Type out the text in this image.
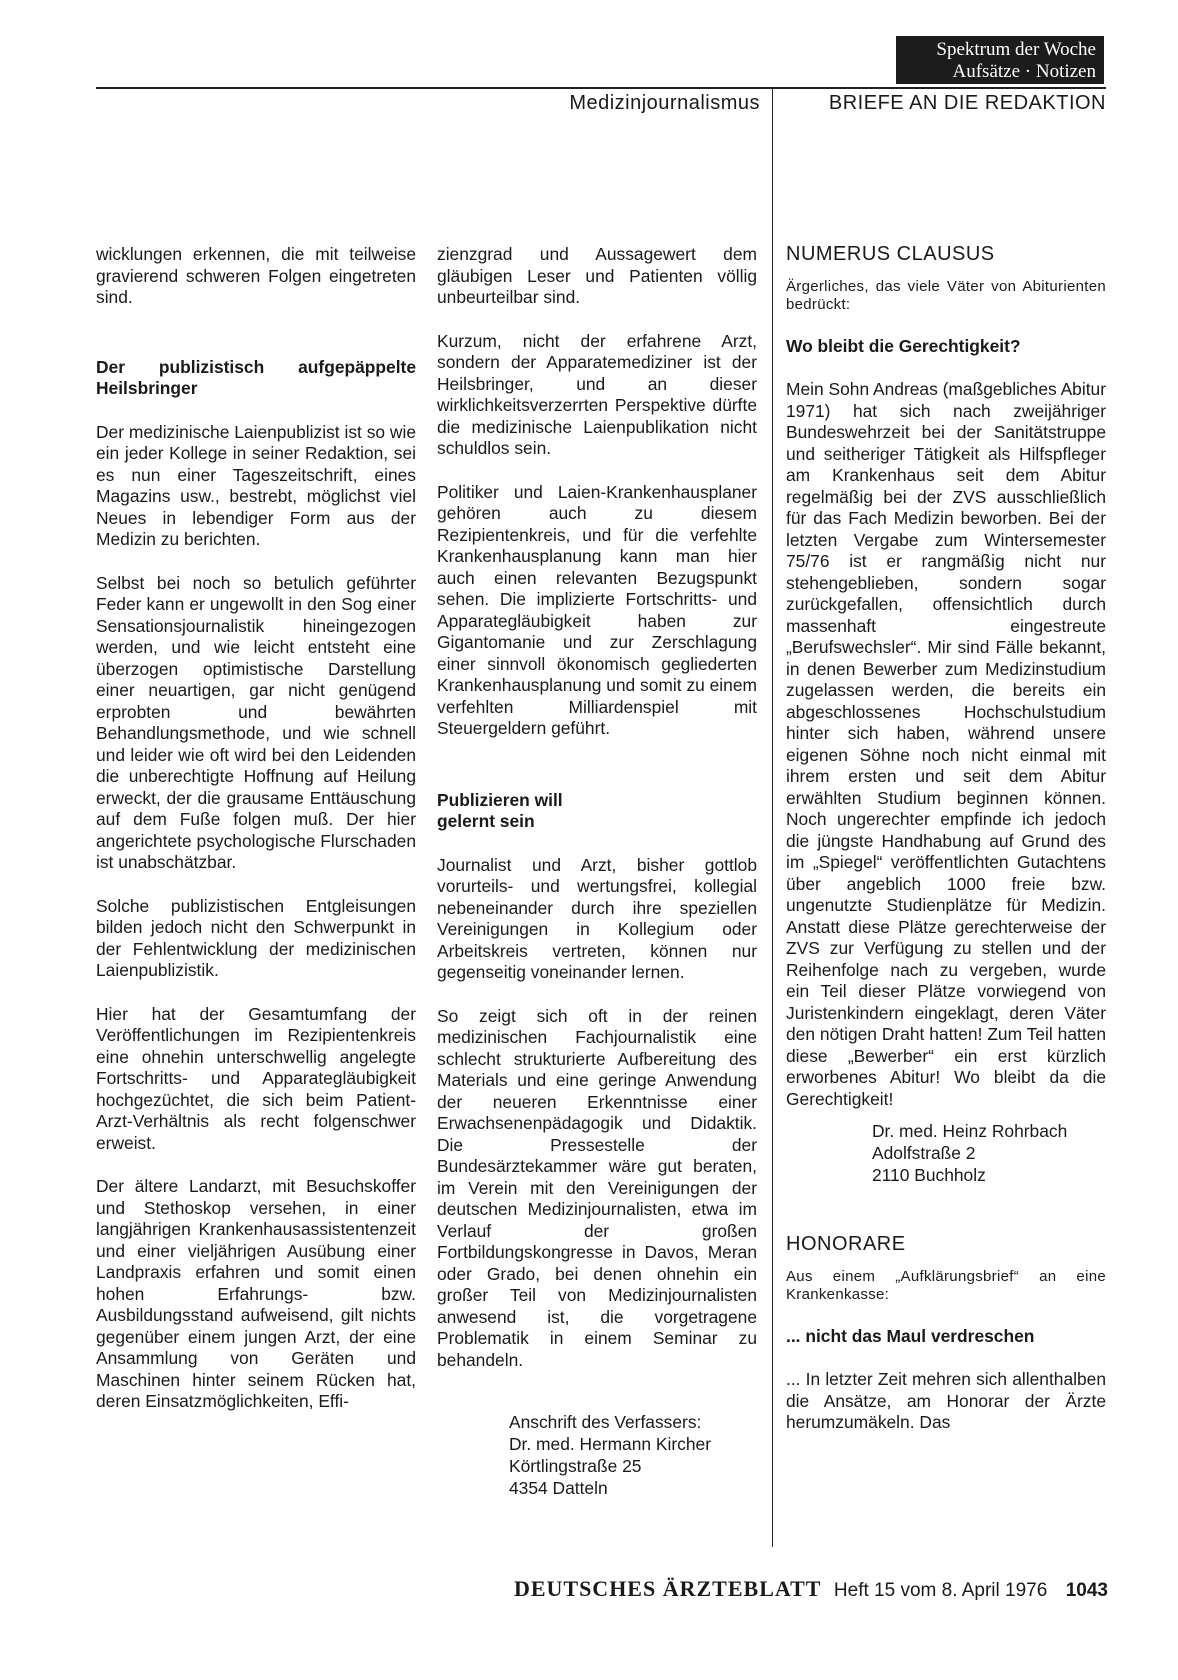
Spektrum der Woche
Aufsätze · Notizen
Medizinjournalismus	BRIEFE AN DIE REDAKTION

wicklungen erkennen, die mit teilweise gravierend schweren Folgen eingetreten sind.

Der publizistisch aufgepäppelte Heilsbringer

Der medizinische Laienpublizist ist so wie ein jeder Kollege in seiner Redaktion, sei es nun einer Tageszeitschrift, eines Magazins usw., bestrebt, möglichst viel Neues in lebendiger Form aus der Medizin zu berichten.

Selbst bei noch so betulich geführter Feder kann er ungewollt in den Sog einer Sensationsjournalistik hineingezogen werden, und wie leicht entsteht eine überzogen optimistische Darstellung einer neuartigen, gar nicht genügend erprobten und bewährten Behandlungsmethode, und wie schnell und leider wie oft wird bei den Leidenden die unberechtigte Hoffnung auf Heilung erweckt, der die grausame Enttäuschung auf dem Fuße folgen muß. Der hier angerichtete psychologische Flurschaden ist unabschätzbar.

Solche publizistischen Entgleisungen bilden jedoch nicht den Schwerpunkt in der Fehlentwicklung der medizinischen Laienpublizistik.

Hier hat der Gesamtumfang der Veröffentlichungen im Rezipientenkreis eine ohnehin unterschwellig angelegte Fortschritts- und Apparategläubigkeit hochgezüchtet, die sich beim Patient-Arzt-Verhältnis als recht folgenschwer erweist.

Der ältere Landarzt, mit Besuchskoffer und Stethoskop versehen, in einer langjährigen Krankenhausassistentenzeit und einer vieljährigen Ausübung einer Landpraxis erfahren und somit einen hohen Erfahrungs- bzw. Ausbildungsstand aufweisend, gilt nichts gegenüber einem jungen Arzt, der eine Ansammlung von Geräten und Maschinen hinter seinem Rücken hat, deren Einsatzmöglichkeiten, Effi-

zienzgrad und Aussagewert dem gläubigen Leser und Patienten völlig unbeurteilbar sind.

Kurzum, nicht der erfahrene Arzt, sondern der Apparatemediziner ist der Heilsbringer, und an dieser wirklichkeitsverzerrten Perspektive dürfte die medizinische Laienpublikation nicht schuldlos sein.

Politiker und Laien-Krankenhausplaner gehören auch zu diesem Rezipientenkreis, und für die verfehlte Krankenhausplanung kann man hier auch einen relevanten Bezugspunkt sehen. Die implizierte Fortschritts- und Apparategläubigkeit haben zur Gigantomanie und zur Zerschlagung einer sinnvoll ökonomisch gegliederten Krankenhausplanung und somit zu einem verfehlten Milliardenspiel mit Steuergeldern geführt.

Publizieren will
gelernt sein

Journalist und Arzt, bisher gottlob vorurteils- und wertungsfrei, kollegial nebeneinander durch ihre speziellen Vereinigungen in Kollegium oder Arbeitskreis vertreten, können nur gegenseitig voneinander lernen.

So zeigt sich oft in der reinen medizinischen Fachjournalistik eine schlecht strukturierte Aufbereitung des Materials und eine geringe Anwendung der neueren Erkenntnisse einer Erwachsenenpädagogik und Didaktik. Die Pressestelle der Bundesärztekammer wäre gut beraten, im Verein mit den Vereinigungen der deutschen Medizinjournalisten, etwa im Verlauf der großen Fortbildungskongresse in Davos, Meran oder Grado, bei denen ohnehin ein großer Teil von Medizinjournalisten anwesend ist, die vorgetragene Problematik in einem Seminar zu behandeln.

Anschrift des Verfassers:
Dr. med. Hermann Kircher
Körtlingstraße 25
4354 Datteln
NUMERUS CLAUSUS

Ärgerliches, das viele Väter von Abiturienten bedrückt:

Wo bleibt die Gerechtigkeit?

Mein Sohn Andreas (maßgebliches Abitur 1971) hat sich nach zweijähriger Bundeswehrzeit bei der Sanitätstruppe und seitheriger Tätigkeit als Hilfspfleger am Krankenhaus seit dem Abitur regelmäßig bei der ZVS ausschließlich für das Fach Medizin beworben. Bei der letzten Vergabe zum Wintersemester 75/76 ist er rangmäßig nicht nur stehengeblieben, sondern sogar zurückgefallen, offensichtlich durch massenhaft eingestreute „Berufswechsler“. Mir sind Fälle bekannt, in denen Bewerber zum Medizinstudium zugelassen werden, die bereits ein abgeschlossenes Hochschulstudium hinter sich haben, während unsere eigenen Söhne noch nicht einmal mit ihrem ersten und seit dem Abitur erwählten Studium beginnen können. Noch ungerechter empfinde ich jedoch die jüngste Handhabung auf Grund des im „Spiegel“ veröffentlichten Gutachtens über angeblich 1000 freie bzw. ungenutzte Studienplätze für Medizin. Anstatt diese Plätze gerechterweise der ZVS zur Verfügung zu stellen und der Reihenfolge nach zu vergeben, wurde ein Teil dieser Plätze vorwiegend von Juristenkindern eingeklagt, deren Väter den nötigen Draht hatten! Zum Teil hatten diese „Bewerber“ ein erst kürzlich erworbenes Abitur! Wo bleibt da die Gerechtigkeit!

Dr. med. Heinz Rohrbach
Adolfstraße 2
2110 Buchholz
HONORARE

Aus einem „Aufklärungsbrief“ an eine Krankenkasse:

... nicht das Maul verdreschen

... In letzter Zeit mehren sich allenthalben die Ansätze, am Honorar der Ärzte herumzumäkeln. Das

DEUTSCHES ÄRZTEBLATT Heft 15 vom 8. April 1976 1043
